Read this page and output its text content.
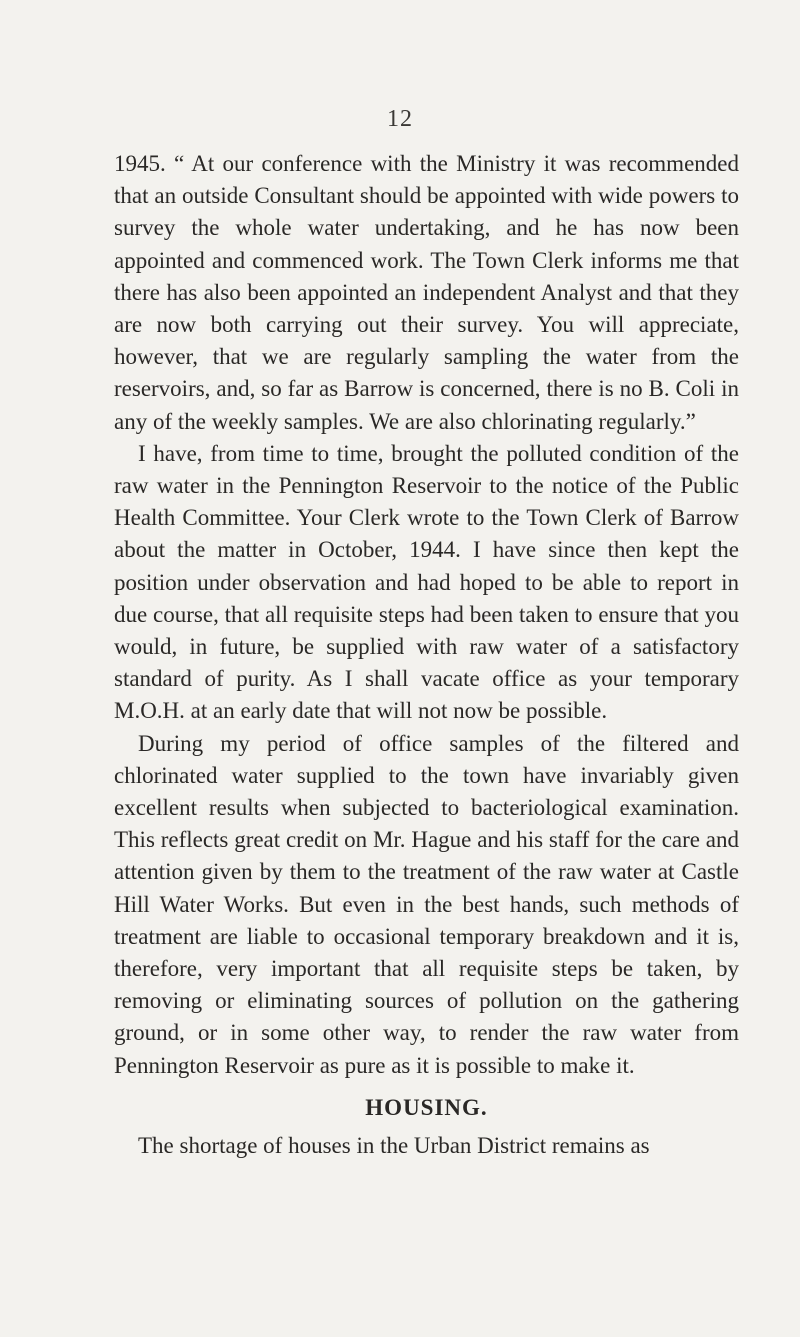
12

1945. “ At our conference with the Ministry it was recommended that an outside Consultant should be appointed with wide powers to survey the whole water undertaking, and he has now been appointed and commenced work. The Town Clerk informs me that there has also been appointed an independent Analyst and that they are now both carrying out their survey. You will appreciate, however, that we are regularly sampling the water from the reservoirs, and, so far as Barrow is concerned, there is no B. Coli in any of the weekly samples. We are also chlorinating regularly.”

I have, from time to time, brought the polluted condition of the raw water in the Pennington Reservoir to the notice of the Public Health Committee. Your Clerk wrote to the Town Clerk of Barrow about the matter in October, 1944. I have since then kept the position under observation and had hoped to be able to report in due course, that all requisite steps had been taken to ensure that you would, in future, be supplied with raw water of a satisfactory standard of purity. As I shall vacate office as your temporary M.O.H. at an early date that will not now be possible.

During my period of office samples of the filtered and chlorinated water supplied to the town have invariably given excellent results when subjected to bacteriological examination. This reflects great credit on Mr. Hague and his staff for the care and attention given by them to the treatment of the raw water at Castle Hill Water Works. But even in the best hands, such methods of treatment are liable to occasional temporary breakdown and it is, therefore, very important that all requisite steps be taken, by removing or eliminating sources of pollution on the gathering ground, or in some other way, to render the raw water from Pennington Reservoir as pure as it is possible to make it.

HOUSING.

The shortage of houses in the Urban District remains as
